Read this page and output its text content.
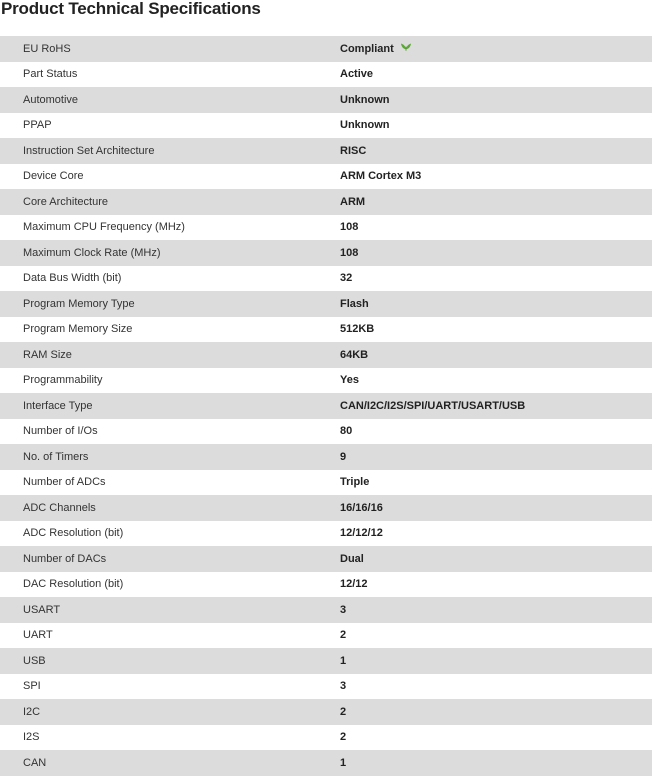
Product Technical Specifications
EU RoHS	Compliant
Part Status	Active
Automotive	Unknown
PPAP	Unknown
Instruction Set Architecture	RISC
Device Core	ARM Cortex M3
Core Architecture	ARM
Maximum CPU Frequency (MHz)	108
Maximum Clock Rate (MHz)	108
Data Bus Width (bit)	32
Program Memory Type	Flash
Program Memory Size	512KB
RAM Size	64KB
Programmability	Yes
Interface Type	CAN/I2C/I2S/SPI/UART/USART/USB
Number of I/Os	80
No. of Timers	9
Number of ADCs	Triple
ADC Channels	16/16/16
ADC Resolution (bit)	12/12/12
Number of DACs	Dual
DAC Resolution (bit)	12/12
USART	3
UART	2
USB	1
SPI	3
I2C	2
I2S	2
CAN	1
